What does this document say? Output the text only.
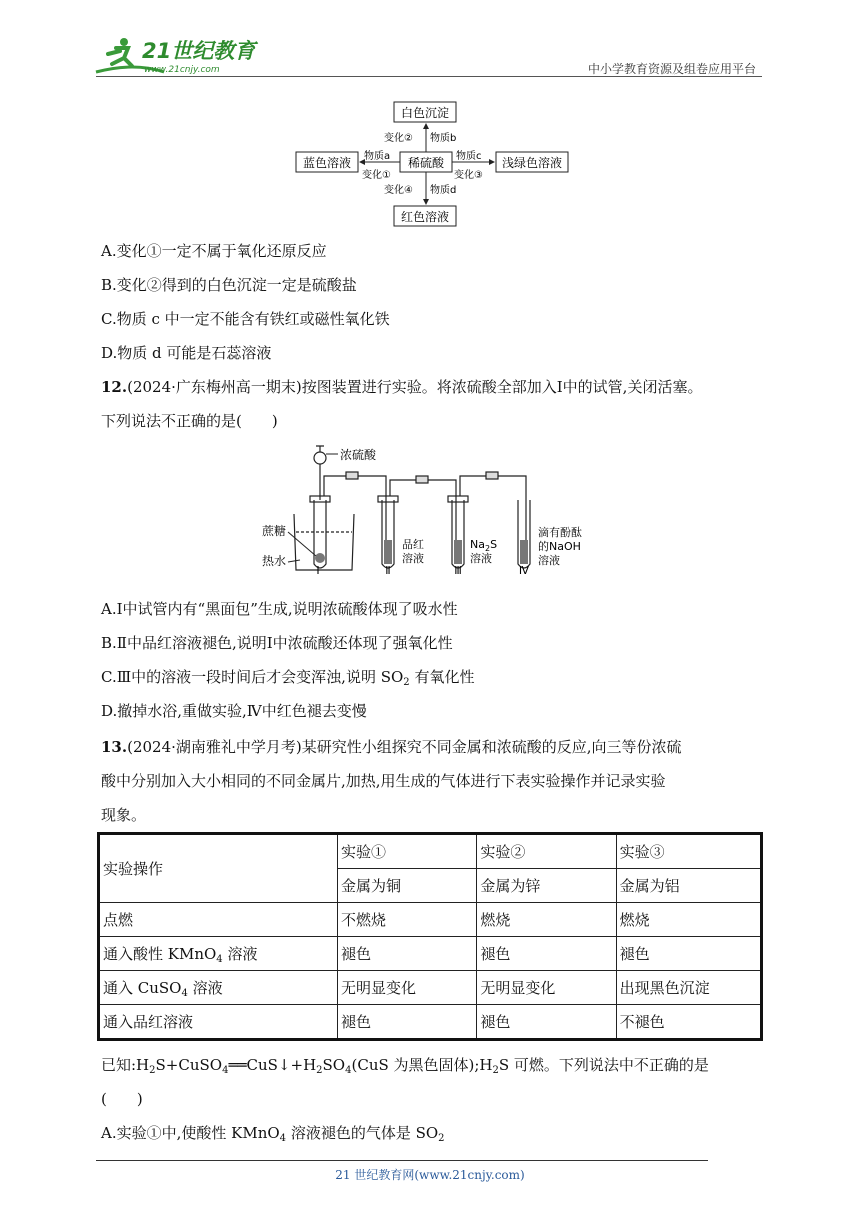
21世纪教育
www.21cnjy.com	中小学教育资源及组卷应用平台
白色沉淀
稀硫酸
蓝色溶液	浅绿色溶液
红色溶液
变化② 物质b
物质a
变化①
物质c
变化③
变化④ 物质d
A.变化①一定不属于氧化还原反应
B.变化②得到的白色沉淀一定是硫酸盐
C.物质 c 中一定不能含有铁红或磁性氧化铁
D.物质 d 可能是石蕊溶液
12.(2024·广东梅州高一期末)按图装置进行实验。将浓硫酸全部加入Ⅰ中的试管,关闭活塞。
下列说法不正确的是(　　)
浓硫酸
蔗糖
热水
Ⅰ	Ⅱ	Ⅲ	Ⅳ
品红
溶液
$Na_2S$
溶液
滴有酚酞
的NaOH
溶液
A.Ⅰ中试管内有“黑面包”生成,说明浓硫酸体现了吸水性
B.Ⅱ中品红溶液褪色,说明Ⅰ中浓硫酸还体现了强氧化性
C.Ⅲ中的溶液一段时间后才会变浑浊,说明 $SO_2$ 有氧化性
D.撤掉水浴,重做实验,Ⅳ中红色褪去变慢
13.(2024·湖南雅礼中学月考)某研究性小组探究不同金属和浓硫酸的反应,向三等份浓硫
酸中分别加入大小相同的不同金属片,加热,用生成的气体进行下表实验操作并记录实验
现象。
实验操作	实验①	实验②	实验③
	金属为铜	金属为锌	金属为铝
点燃	不燃烧	燃烧	燃烧
通入酸性 KMnO$_4$ 溶液	褪色	褪色	褪色
通入 CuSO$_4$ 溶液	无明显变化	无明显变化	出现黑色沉淀
通入品红溶液	褪色	褪色	不褪色
已知$:H_2S+CuSO_4══CuS↓+H_2SO_4(CuS$ 为黑色固体)$;H_2S$ 可燃。下列说法中不正确的是
(　　)
A.实验①中,使酸性 KMnO$_4$ 溶液褪色的气体是 $SO_2$
21 世纪教育网(www.21cnjy.com)
